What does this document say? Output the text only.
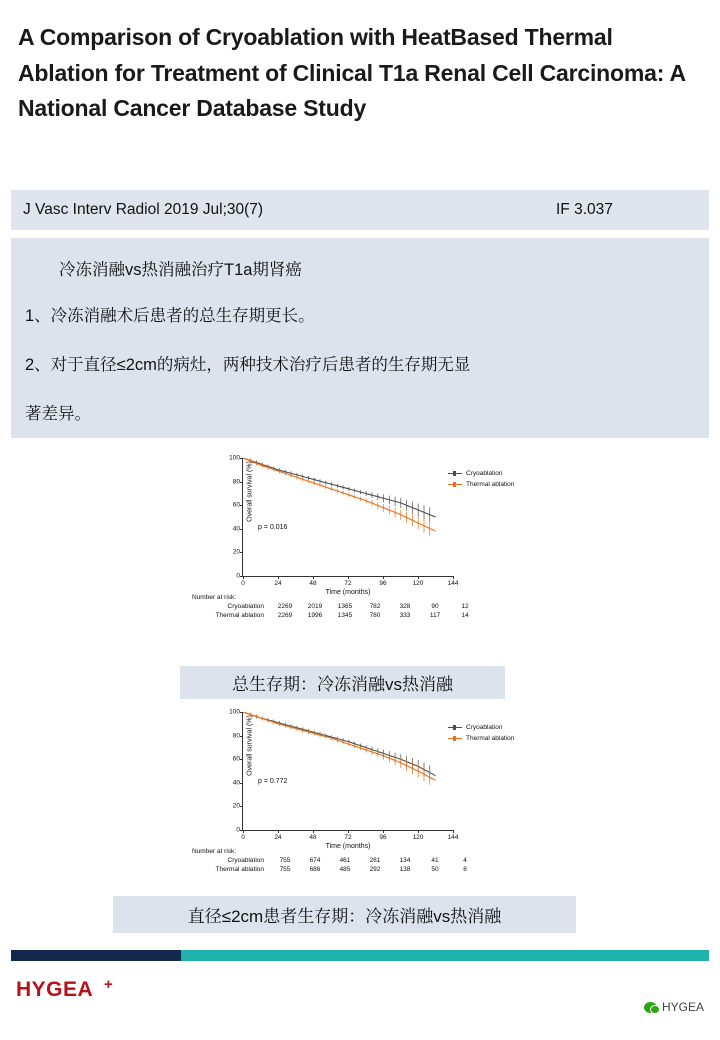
A Comparison of Cryoablation with HeatBased Thermal Ablation for Treatment of Clinical T1a Renal Cell Carcinoma: A National Cancer Database Study
J Vasc Interv Radiol 2019 Jul;30(7)	IF 3.037
冷冻消融vs热消融治疗T1a期肾癌
1、冷冻消融术后患者的总生存期更长。
2、对于直径≤2cm的病灶，两种技术治疗后患者的生存期无显
著差异。
Overall survival (%)
Time (months)
0
20
40
60
80
100
0	24	48	72	96	120	144
p = 0.016
Cryoablation
Thermal ablation
Number at risk:
Cryoablation	2269	2019	1365	782	328	90	12
Thermal ablation	2269	1996	1345	780	333	117	14
总生存期：冷冻消融vs热消融
Overall survival (%)
Time (months)
0
20
40
60
80
100
0	24	48	72	96	120	144
p = 0.772
Cryoablation
Thermal ablation
Number at risk:
Cryoablation	755	674	461	281	134	41	4
Thermal ablation	755	686	485	292	138	50	8
直径≤2cm患者生存期：冷冻消融vs热消融
HYGEA +
HYGEA
